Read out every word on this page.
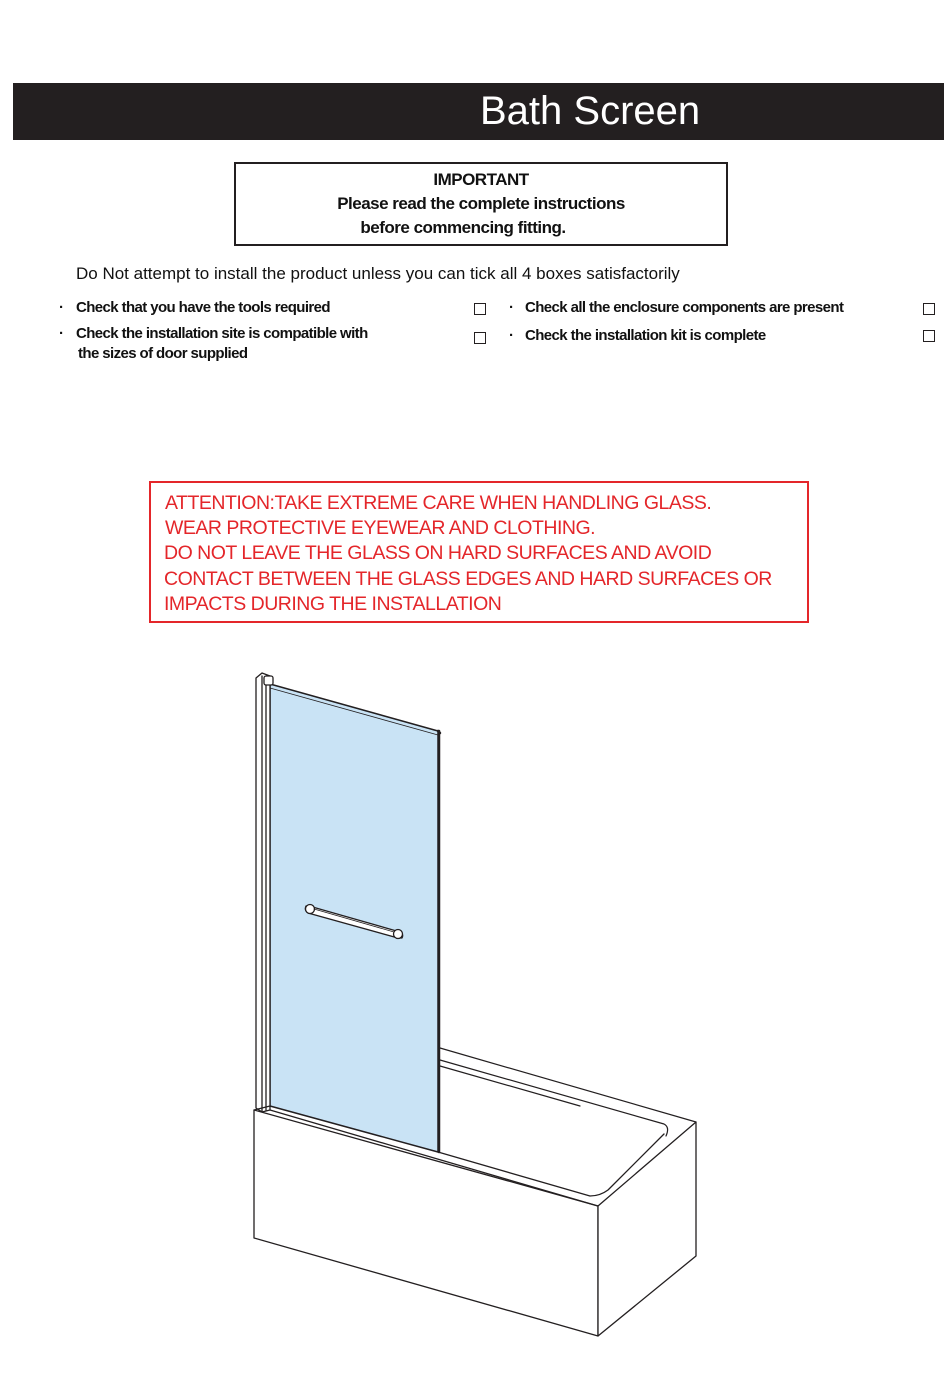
Bath Screen
IMPORTANT
Please read the complete instructions
before commencing fitting.
Do Not attempt to install the product unless you can tick all 4 boxes satisfactorily
· Check that you have the tools required
· Check the installation site is compatible with
the sizes of door supplied
· Check all the enclosure components are present
· Check the installation kit is complete
ATTENTION:TAKE EXTREME CARE WHEN HANDLING GLASS.
WEAR PROTECTIVE EYEWEAR AND CLOTHING.
DO NOT LEAVE THE GLASS ON HARD SURFACES AND AVOID
CONTACT BETWEEN THE GLASS EDGES AND HARD SURFACES OR
IMPACTS DURING THE INSTALLATION
